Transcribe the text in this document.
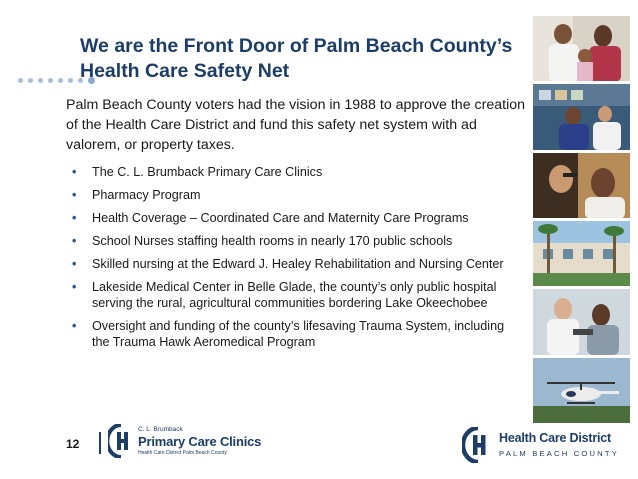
We are the Front Door of Palm Beach County’s Health Care Safety Net
Palm Beach County voters had the vision in 1988 to approve the creation of the Health Care District and fund this safety net system with ad valorem, or property taxes.
• The C. L. Brumback Primary Care Clinics
• Pharmacy Program
• Health Coverage – Coordinated Care and Maternity Care Programs
• School Nurses staffing health rooms in nearly 170 public schools
• Skilled nursing at the Edward J. Healey Rehabilitation and Nursing Center
• Lakeside Medical Center in Belle Glade, the county’s only public hospital serving the rural, agricultural communities bordering Lake Okeechobee
• Oversight and funding of the county’s lifesaving Trauma System, including the Trauma Hawk Aeromedical Program
12
C. L. Brumback
Primary Care Clinics
Health Care District Palm Beach County
Health Care District
PALM BEACH COUNTY
